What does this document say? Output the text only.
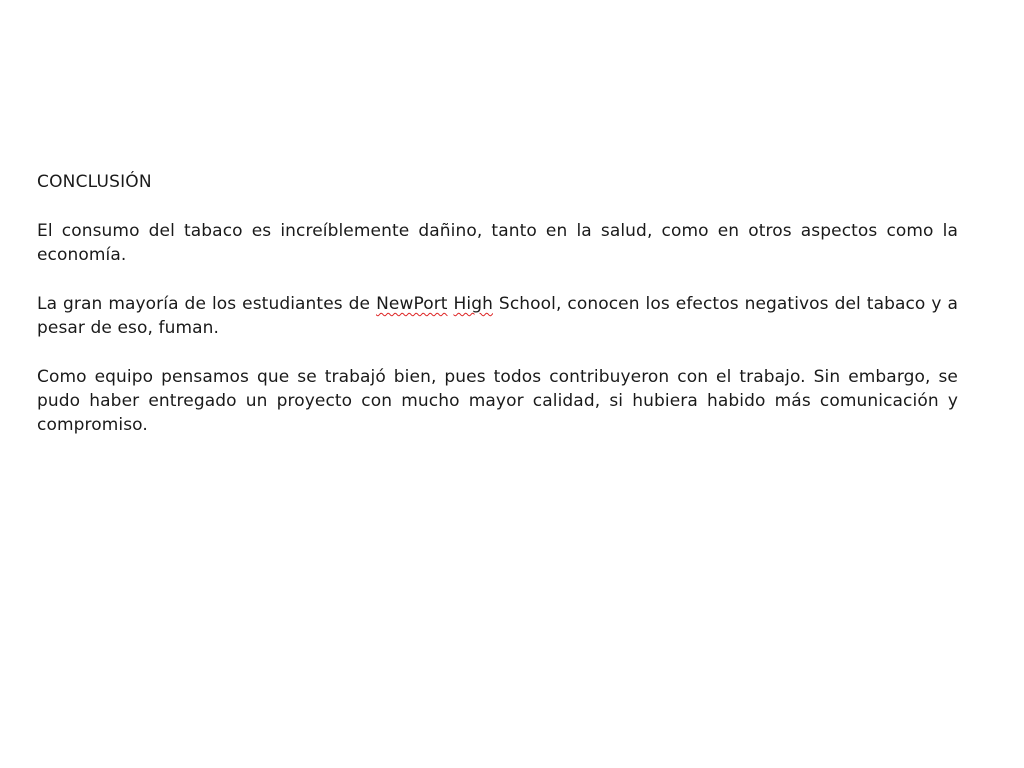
CONCLUSIÓN

El consumo del tabaco es increíblemente dañino, tanto en la salud, como en otros aspectos como la economía.

La gran mayoría de los estudiantes de NewPort High School, conocen los efectos negativos del tabaco y a pesar de eso, fuman.

Como equipo pensamos que se trabajó bien, pues todos contribuyeron con el trabajo. Sin embargo, se pudo haber entregado un proyecto con mucho mayor calidad, si hubiera habido más comunicación y compromiso.
